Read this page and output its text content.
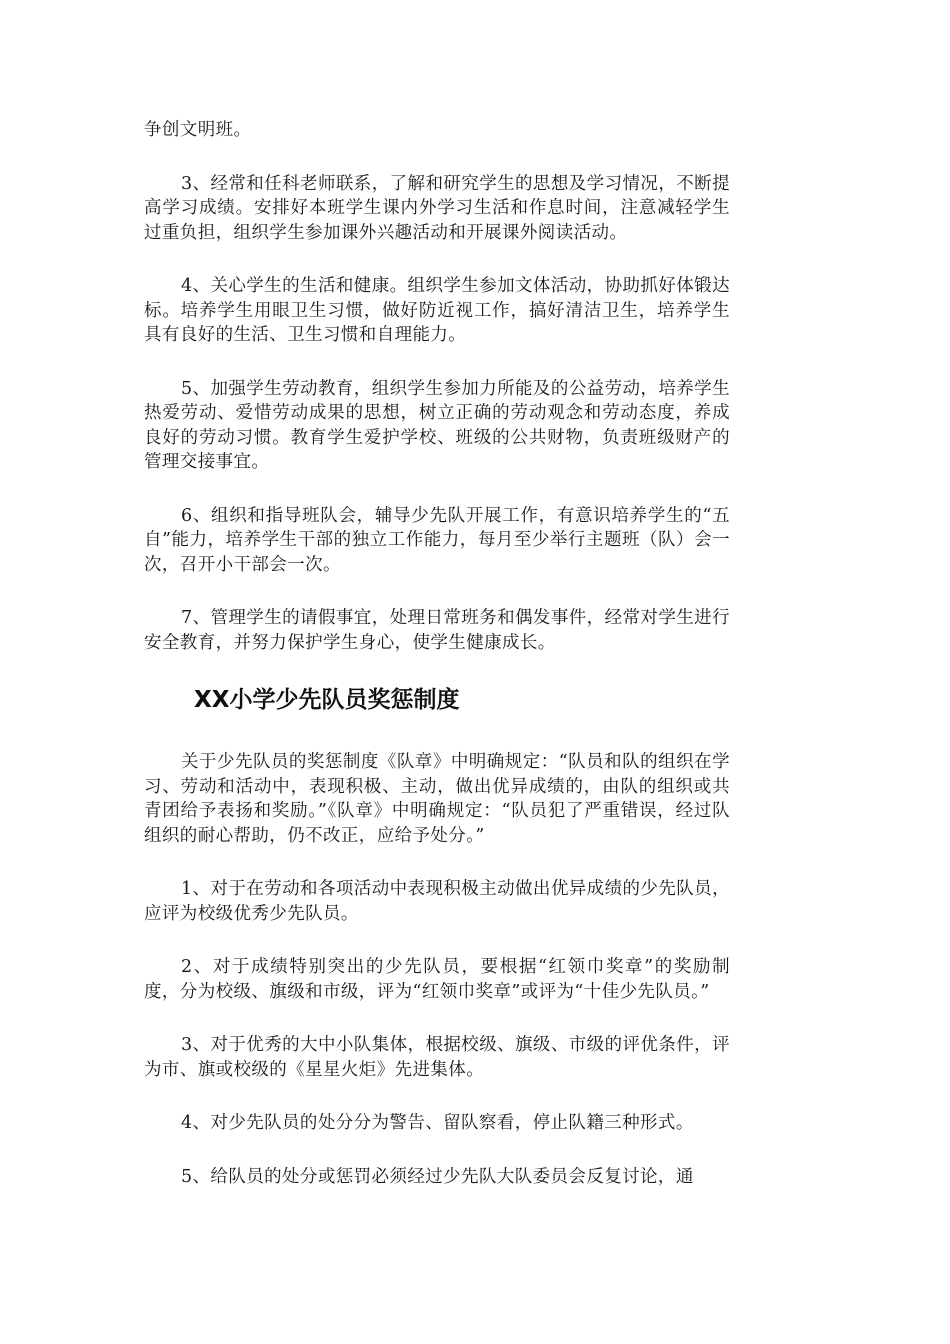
争创文明班。

3、经常和任科老师联系，了解和研究学生的思想及学习情况，不断提高学习成绩。安排好本班学生课内外学习生活和作息时间，注意减轻学生过重负担，组织学生参加课外兴趣活动和开展课外阅读活动。

4、关心学生的生活和健康。组织学生参加文体活动，协助抓好体锻达标。培养学生用眼卫生习惯，做好防近视工作，搞好清洁卫生，培养学生具有良好的生活、卫生习惯和自理能力。

5、加强学生劳动教育，组织学生参加力所能及的公益劳动，培养学生热爱劳动、爱惜劳动成果的思想，树立正确的劳动观念和劳动态度，养成良好的劳动习惯。教育学生爱护学校、班级的公共财物，负责班级财产的管理交接事宜。

6、组织和指导班队会，辅导少先队开展工作，有意识培养学生的“五自”能力，培养学生干部的独立工作能力，每月至少举行主题班（队）会一次，召开小干部会一次。

7、管理学生的请假事宜，处理日常班务和偶发事件，经常对学生进行安全教育，并努力保护学生身心，使学生健康成长。

XX小学少先队员奖惩制度

关于少先队员的奖惩制度《队章》中明确规定：“队员和队的组织在学习、劳动和活动中，表现积极、主动，做出优异成绩的，由队的组织或共青团给予表扬和奖励。”《队章》中明确规定：“队员犯了严重错误，经过队组织的耐心帮助，仍不改正，应给予处分。”

1、对于在劳动和各项活动中表现积极主动做出优异成绩的少先队员，应评为校级优秀少先队员。

2、对于成绩特别突出的少先队员，要根据“红领巾奖章”的奖励制度，分为校级、旗级和市级，评为“红领巾奖章”或评为“十佳少先队员。”

3、对于优秀的大中小队集体，根据校级、旗级、市级的评优条件，评为市、旗或校级的《星星火炬》先进集体。

4、对少先队员的处分分为警告、留队察看，停止队籍三种形式。

5、给队员的处分或惩罚必须经过少先队大队委员会反复讨论，通
